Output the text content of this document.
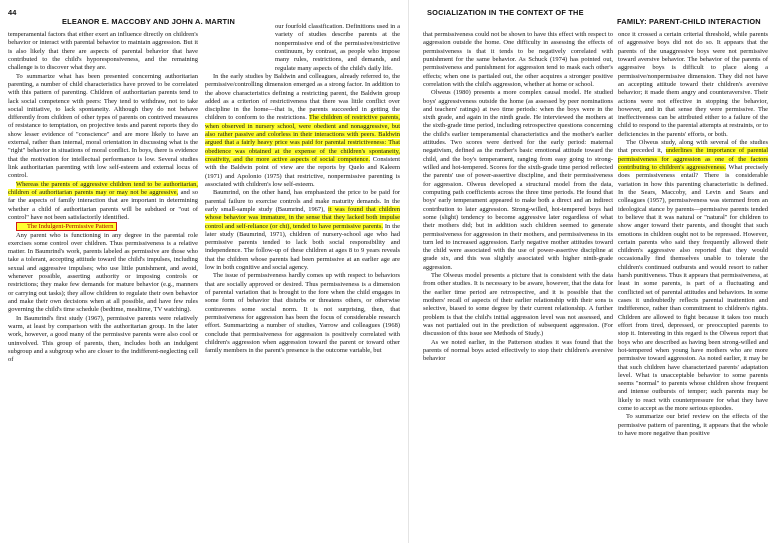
44
ELEANOR E. MACCOBY AND JOHN A. MARTIN

temperamental factors that either exert an influence directly on children's behavior or interact with parental behavior to maintain aggression. But it is also likely that there are aspects of parental behavior that have contributed to the child's hyporesponsiveness, and the remaining challenge is to discover what they are.

To summarize what has been presented concerning authoritarian parenting, a number of child characteristics have proved to be correlated with this pattern of parenting. Children of authoritarian parents tend to lack social competence with peers: They tend to withdraw, not to take social initiative, to lack spontaneity. Although they do not behave differently from children of other types of parents on contrived measures of resistance to temptation, on projective tests and parent reports they do show lesser evidence of "conscience" and are more likely to have an external, rather than internal, moral orientation in discussing what is the "right" behavior in situations of moral conflict. In boys, there is evidence that the motivation for intellectual performance is low. Several studies link authoritarian parenting with low self-esteem and external locus of control.

Whereas the parents of aggressive children tend to be authoritarian, children of authoritarian parents may or may not be aggressive, and so far the aspects of family interaction that are important in determining whether a child of authoritarian parents will be subdued or "out of control" have not been satisfactorily identified.

The Indulgent-Permissive Pattern

Any parent who is functioning in any degree in the parental role exercises some control over children. Thus permissiveness is a relative matter. In Baumrind's work, parents labeled as permissive are those who take a tolerant, accepting attitude toward the child's impulses, including sexual and aggressive impulses; who use little punishment, and avoid, whenever possible, asserting authority or imposing controls or restrictions; they make few demands for mature behavior (e.g., manners or carrying out tasks); they allow children to regulate their own behavior and make their own decisions when at all possible, and have few rules governing the child's time schedule (bedtime, mealtime, TV watching).

In Baumrind's first study (1967), permissive parents were relatively warm, at least by comparison with the authoritarian group. In the later work, however, a good many of the permissive parents were also cool or uninvolved. This group of parents, then, includes both an indulgent subgroup and a subgroup who are closer to the indifferent-neglecting cell of

our fourfold classification. Definitions used in a variety of studies describe parents at the nonpermissive end of the permissive/restrictive continuum, by contrast, as people who impose many rules, restrictions, and demands, and regulate many aspects of the child's daily life.

In the early studies by Baldwin and colleagues, already referred to, the permissive/controlling dimension emerged as a strong factor. In addition to the above characteristics defining a restricting parent, the Baldwin group added as a criterion of restrictiveness that there was little conflict over discipline in the home—that is, the parents succeeded in getting the children to conform to the restrictions. The children of restrictive parents, when observed in nursery school, were obedient and nonaggressive, but also rather passive and colorless in their interactions with peers. Baldwin argued that a fairly heavy price was paid for parental restrictiveness: That obedience was obtained at the expense of the children's spontaneity, creativity, and the more active aspects of social competence. Consistent with the Baldwin point of view are the reports by Quelo and Kaleem (1971) and Apolonio (1975) that restrictive, nonpermissive parenting is associated with children's low self-esteem.

Baumrind, on the other hand, has emphasized the price to be paid for parental failure to exercise controls and make maturity demands. In the early small-sample study (Baumrind, 1967), it was found that children whose behavior was immature, in the sense that they lacked both impulse control and self-reliance (or chi), tended to have permissive parents. In the later study (Baumrind, 1971), children of nursery-school age who had permissive parents tended to lack both social responsibility and independence. The follow-up of these children at ages 8 to 9 years reveals that the children whose parents had been permissive at an earlier age are low in both cognitive and social agency.

The issue of permissiveness hardly comes up with respect to behaviors that are socially approved or desired. Thus permissiveness is a dimension of parental variation that is brought to the fore when the child engages in some form of behavior that disturbs or threatens others, or otherwise contravenes some social norm. It is not surprising, then, that permissiveness for aggression has been the focus of considerable research effort. Summarizing a number of studies, Yarrow and colleagues (1968) conclude that permissiveness for aggression is positively correlated with children's aggression when aggression toward the parent or toward other family members in the parent's presence is the outcome variable, but

SOCIALIZATION IN THE CONTEXT OF THE
FAMILY: PARENT-CHILD INTERACTION

that permissiveness could not be shown to have this effect with respect to aggression outside the home. One difficulty in assessing the effects of permissiveness is that it tends to be negatively correlated with punishment for the same behavior. As Schuck (1974) has pointed out, permissiveness and punishment for aggression tend to mask each other's effects; when one is partialed out, the other acquires a stronger positive correlation with the child's aggression, whether at home or school.

Olweus (1980) presents a more complex causal model. He studied boys' aggressiveness outside the home (as assessed by peer nominations and teachers' ratings) at two time periods: when the boys were in the sixth grade, and again in the ninth grade. He interviewed the mothers at the sixth-grade time period, including retrospective questions concerning the child's earlier temperamental characteristics and the mother's earlier attitudes. Two scores were derived for the early period: maternal negativism, defined as the mother's basic emotional attitude toward the child, and the boy's temperament, ranging from easy going to strong-willed and hot-tempered. Scores for the sixth-grade time period reflected the parents' use of power-assertive discipline, and their permissiveness for aggression. Olweus developed a structural model from the data, computing path coefficients across the three time periods. He found that boys' early temperament appeared to make both a direct and an indirect contribution to later aggression. Strong-willed, hot-tempered boys had some (slight) tendency to become aggressive later regardless of what their mothers did; but in addition such children seemed to generate permissiveness for aggression in their mothers, and permissiveness in its turn led to increased aggression. Early negative mother attitudes toward the child were associated with the use of power-assertive discipline at grade six, and this was slightly associated with higher ninth-grade aggression.

The Olweus model presents a picture that is consistent with the data from other studies. It is necessary to be aware, however, that the data for the earlier time period are retrospective, and it is possible that the mothers' recall of aspects of their earlier relationship with their sons is selective, biased to some degree by their current relationship. A further problem is that the child's initial aggression level was not assessed, and was not partialed out in the prediction of subsequent aggression. (For discussion of this issue see Methods of Study.)

As we noted earlier, in the Patterson studies it was found that the parents of normal boys acted effectively to stop their children's aversive behavior

once it crossed a certain criterial threshold, while parents of aggressive boys did not do so. It appears that the parents of the unaggressive boys were not permissive toward aversive behavior. The behavior of the parents of aggressive boys is difficult to place along a permissive/nonpermissive dimension. They did not have an accepting attitude toward their children's aversive behavior; it made them angry and counteraversive. Their actions were not effective in stopping the behavior, however, and in that sense they were permissive. The ineffectiveness can be attributed either to a failure of the child to respond to the parental attempts at restraints, or to deficiencies in the parents' efforts, or both.

The Olweus study, along with several of the studies that preceded it, underlines the importance of parental permissiveness for aggression as one of the factors contributing to children's aggressiveness. What precisely does permissiveness entail? There is considerable variation in how this parenting characteristic is defined. In the Sears, Maccoby, and Levin and Sears and colleagues (1957), permissiveness was stemmed from an ideological stance by parents—permissive parents tended to believe that it was natural or "natural" for children to show anger toward their parents, and thought that such emotions in children ought not to be repressed. However, certain parents who said they frequently allowed their children's aggressive also reported that they would occasionally find themselves unable to tolerate the children's continued outbursts and would resort to rather harsh punitiveness. Thus it appears that permissiveness, at least in some parents, is part of a fluctuating and conflicted set of parental attitudes and behaviors. In some cases it undoubtedly reflects parental inattention and indifference, rather than commitment to children's rights. Children are allowed to fight because it takes too much effort from tired, depressed, or preoccupied parents to stop it. Interesting in this regard is the Olweus report that boys who are described as having been strong-willed and hot-tempered when young have mothers who are more permissive toward aggression. As noted earlier, it may be that such children have characterized parents' adaptation level. What is unacceptable behavior to some parents seems "normal" to parents whose children show frequent and intense outbursts of temper; such parents may be likely to react with counterpressure for what they have come to accept as the more serious episodes.

To summarize our brief review on the effects of the permissive pattern of parenting, it appears that the whole to have more negative than positive
